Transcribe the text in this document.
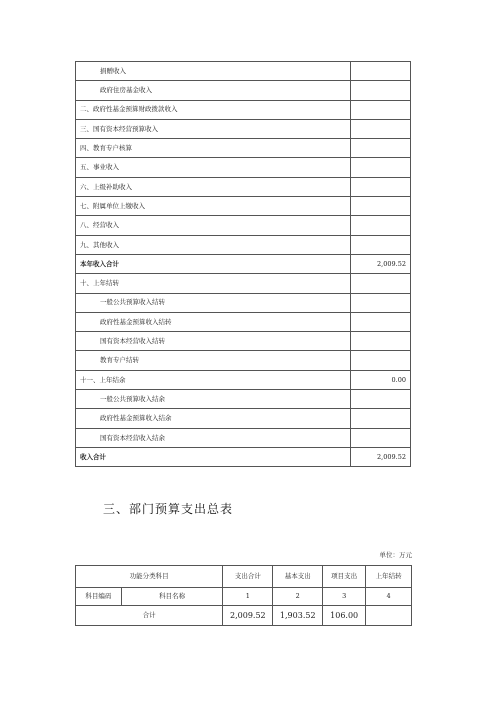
捐赠收入	
政府住房基金收入	
二、政府性基金预算财政拨款收入	
三、国有资本经营预算收入	
四、教育专户核算	
五、事业收入	
六、上级补助收入	
七、附属单位上缴收入	
八、经营收入	
九、其他收入	
本年收入合计	2,009.52
十、上年结转	
一般公共预算收入结转	
政府性基金预算收入结转	
国有资本经营收入结转	
教育专户结转	
十一、上年结余	0.00
一般公共预算收入结余	
政府性基金预算收入结余	
国有资本经营收入结余	
收入合计	2,009.52
三、部门预算支出总表
单位：万元
功能分类科目		支出合计	基本支出	项目支出	上年结转
科目编码	科目名称	1	2	3	4
合计		2,009.52	1,903.52	106.00	
